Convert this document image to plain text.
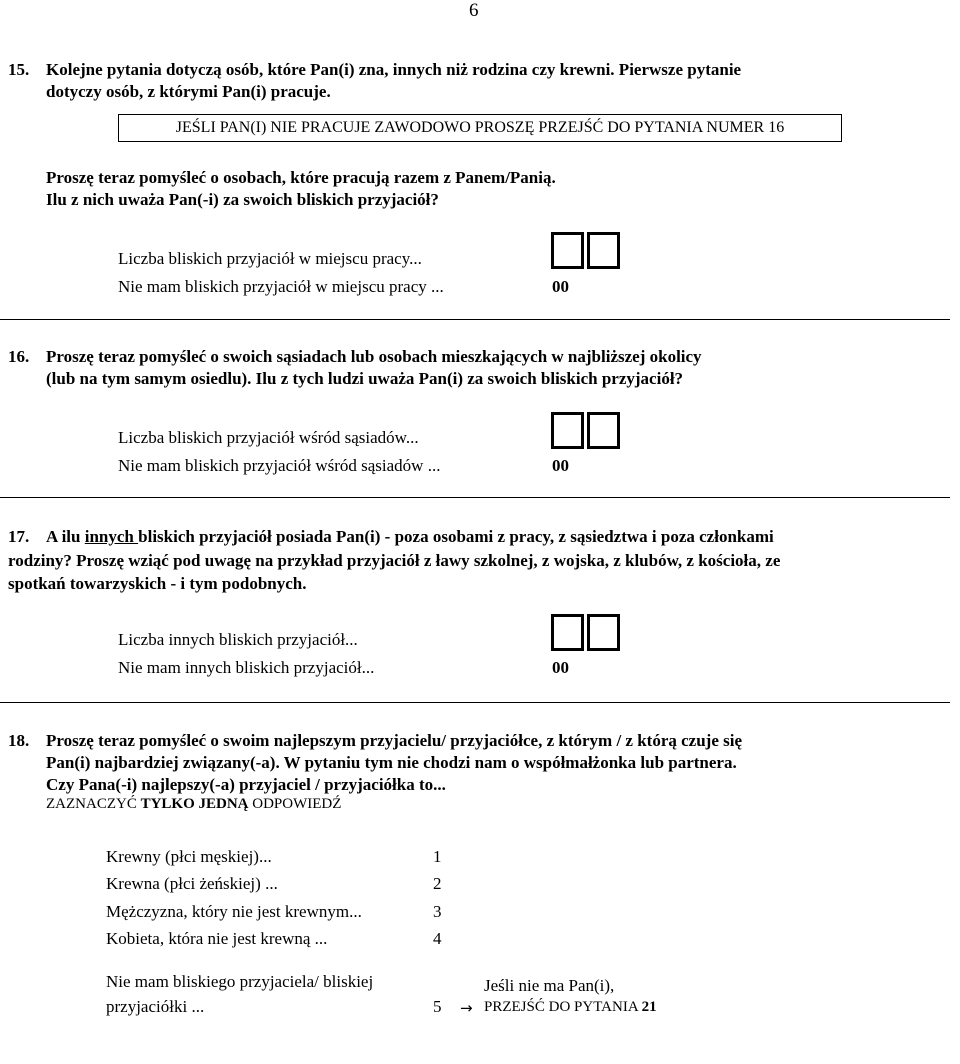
6
15. Kolejne pytania dotyczą osób, które Pan(i) zna, innych niż rodzina czy krewni. Pierwsze pytanie
dotyczy osób, z którymi Pan(i) pracuje.
JEŚLI PAN(I) NIE PRACUJE ZAWODOWO PROSZĘ PRZEJŚĆ DO PYTANIA NUMER 16
Proszę teraz pomyśleć o osobach, które pracują razem z Panem/Panią.
Ilu z nich uważa Pan(-i) za swoich bliskich przyjaciół?
Liczba bliskich przyjaciół w miejscu pracy...
Nie mam bliskich przyjaciół w miejscu pracy ...	00
16. Proszę teraz pomyśleć o swoich sąsiadach lub osobach mieszkających w najbliższej okolicy
(lub na tym samym osiedlu). Ilu z tych ludzi uważa Pan(i) za swoich bliskich przyjaciół?
Liczba bliskich przyjaciół wśród sąsiadów...
Nie mam bliskich przyjaciół wśród sąsiadów ...	00
17. A ilu innych bliskich przyjaciół posiada Pan(i) - poza osobami z pracy, z sąsiedztwa i poza członkami
rodziny? Proszę wziąć pod uwagę na przykład przyjaciół z ławy szkolnej, z wojska, z klubów, z kościoła, ze
spotkań towarzyskich - i tym podobnych.
Liczba innych bliskich przyjaciół...
Nie mam innych bliskich przyjaciół...	00
18. Proszę teraz pomyśleć o swoim najlepszym przyjacielu/ przyjaciółce, z którym / z którą czuje się
Pan(i) najbardziej związany(-a). W pytaniu tym nie chodzi nam o współmałżonka lub partnera.
Czy Pana(-i) najlepszy(-a) przyjaciel / przyjaciółka to...
ZAZNACZYĆ TYLKO JEDNĄ ODPOWIEDŹ
Krewny (płci męskiej)...	1
Krewna (płci żeńskiej) ...	2
Mężczyzna, który nie jest krewnym...	3
Kobieta, która nie jest krewną ...	4
Nie mam bliskiego przyjaciela/ bliskiej
przyjaciółki ...	5
Jeśli nie ma Pan(i),
→ PRZEJŚĆ DO PYTANIA 21
